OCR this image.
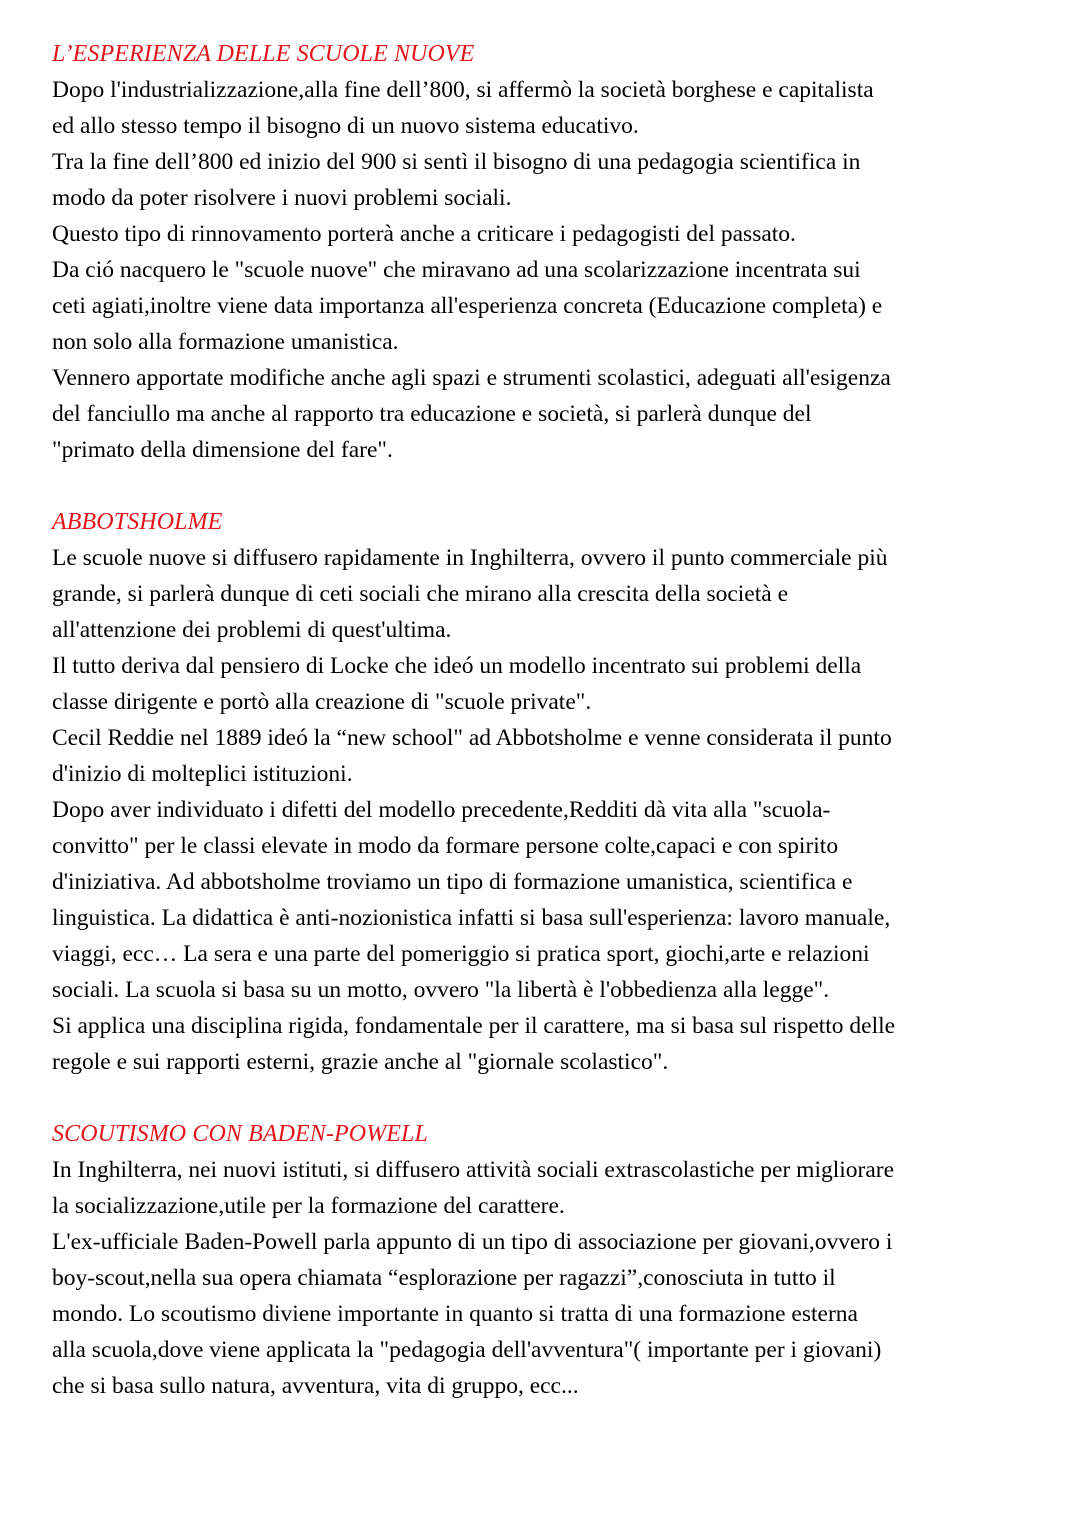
L’ESPERIENZA DELLE SCUOLE NUOVE

Dopo l'industrializzazione,alla fine dell’800, si affermò la società borghese e capitalista

ed allo stesso tempo il bisogno di un nuovo sistema educativo.

Tra la fine dell’800 ed inizio del 900 si sentì il bisogno di una pedagogia scientifica in

modo da poter risolvere i nuovi problemi sociali.

Questo tipo di rinnovamento porterà anche a criticare i pedagogisti del passato.

Da ció nacquero le "scuole nuove" che miravano ad una scolarizzazione incentrata sui

ceti agiati,inoltre viene data importanza all'esperienza concreta (Educazione completa) e

non solo alla formazione umanistica.

Vennero apportate modifiche anche agli spazi e strumenti scolastici, adeguati all'esigenza

del fanciullo ma anche al rapporto tra educazione e società, si parlerà dunque del

"primato della dimensione del fare".

ABBOTSHOLME

Le scuole nuove si diffusero rapidamente in Inghilterra, ovvero il punto commerciale più

grande, si parlerà dunque di ceti sociali che mirano alla crescita della società e

all'attenzione dei problemi di quest'ultima.

Il tutto deriva dal pensiero di Locke che ideó un modello incentrato sui problemi della

classe dirigente e portò alla creazione di "scuole private".

Cecil Reddie nel 1889 ideó la “new school" ad Abbotsholme e venne considerata il punto

d'inizio di molteplici istituzioni.

Dopo aver individuato i difetti del modello precedente,Redditi dà vita alla "scuola-

convitto" per le classi elevate in modo da formare persone colte,capaci e con spirito

d'iniziativa. Ad abbotsholme troviamo un tipo di formazione umanistica, scientifica e

linguistica. La didattica è anti-nozionistica infatti si basa sull'esperienza: lavoro manuale,

viaggi, ecc… La sera e una parte del pomeriggio si pratica sport, giochi,arte e relazioni

sociali. La scuola si basa su un motto, ovvero "la libertà è l'obbedienza alla legge".

Si applica una disciplina rigida, fondamentale per il carattere, ma si basa sul rispetto delle

regole e sui rapporti esterni, grazie anche al "giornale scolastico".

SCOUTISMO CON BADEN-POWELL

In Inghilterra, nei nuovi istituti, si diffusero attività sociali extrascolastiche per migliorare

la socializzazione,utile per la formazione del carattere.

L'ex-ufficiale Baden-Powell parla appunto di un tipo di associazione per giovani,ovvero i

boy-scout,nella sua opera chiamata “esplorazione per ragazzi”,conosciuta in tutto il

mondo. Lo scoutismo diviene importante in quanto si tratta di una formazione esterna

alla scuola,dove viene applicata la "pedagogia dell'avventura"( importante per i giovani)

che si basa sullo natura, avventura, vita di gruppo, ecc...
